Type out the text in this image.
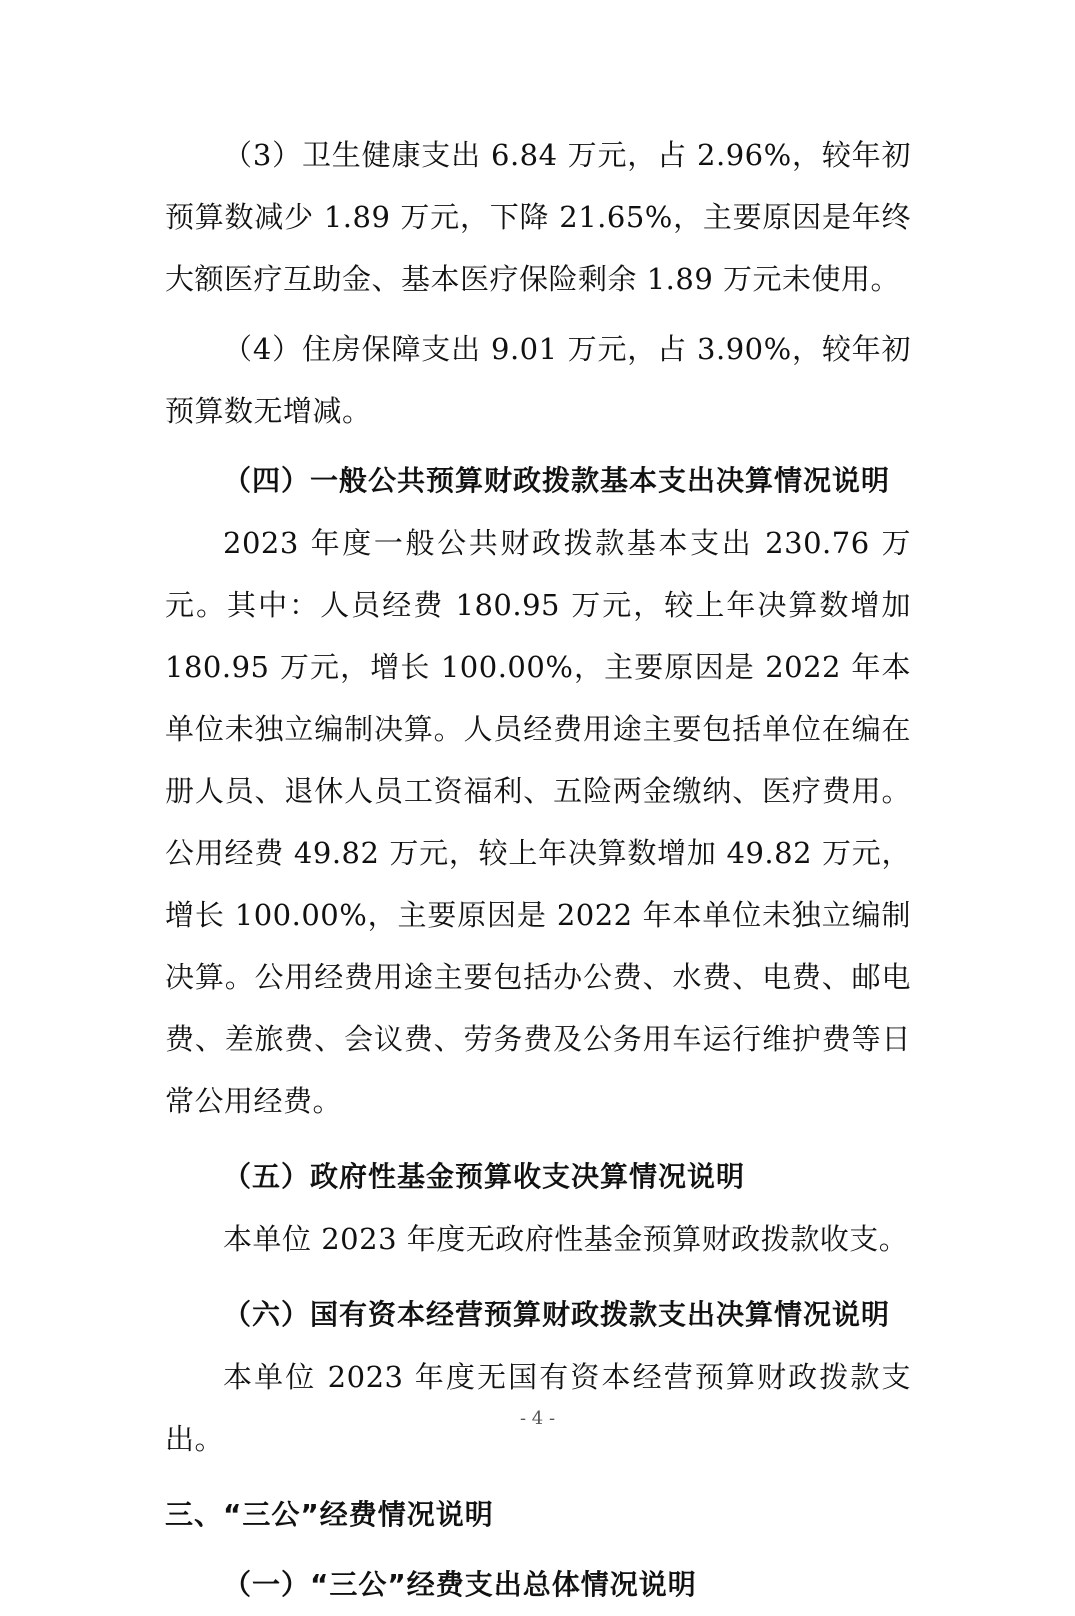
（3）卫生健康支出 6.84 万元，占 2.96%，较年初预算数减少 1.89 万元，下降 21.65%，主要原因是年终大额医疗互助金、基本医疗保险剩余 1.89 万元未使用。

（4）住房保障支出 9.01 万元，占 3.90%，较年初预算数无增减。

（四）一般公共预算财政拨款基本支出决算情况说明

2023 年度一般公共财政拨款基本支出 230.76 万元。其中：人员经费 180.95 万元，较上年决算数增加 180.95 万元，增长 100.00%，主要原因是 2022 年本单位未独立编制决算。人员经费用途主要包括单位在编在册人员、退休人员工资福利、五险两金缴纳、医疗费用。公用经费 49.82 万元，较上年决算数增加 49.82 万元，增长 100.00%，主要原因是 2022 年本单位未独立编制决算。公用经费用途主要包括办公费、水费、电费、邮电费、差旅费、会议费、劳务费及公务用车运行维护费等日常公用经费。

（五）政府性基金预算收支决算情况说明

本单位 2023 年度无政府性基金预算财政拨款收支。

（六）国有资本经营预算财政拨款支出决算情况说明

本单位 2023 年度无国有资本经营预算财政拨款支出。

三、“三公”经费情况说明

（一）“三公”经费支出总体情况说明

- 4 -
